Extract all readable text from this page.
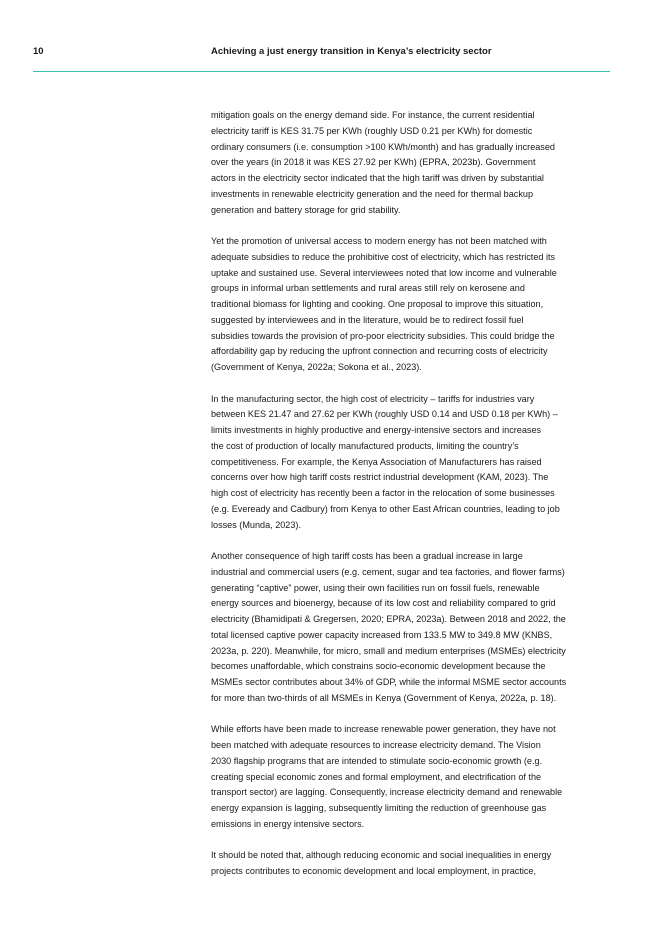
10	Achieving a just energy transition in Kenya’s electricity sector

mitigation goals on the energy demand side. For instance, the current residential
electricity tariff is KES 31.75 per KWh (roughly USD 0.21 per KWh) for domestic
ordinary consumers (i.e. consumption >100 KWh/month) and has gradually increased
over the years (in 2018 it was KES 27.92 per KWh) (EPRA, 2023b). Government
actors in the electricity sector indicated that the high tariff was driven by substantial
investments in renewable electricity generation and the need for thermal backup
generation and battery storage for grid stability.

Yet the promotion of universal access to modern energy has not been matched with
adequate subsidies to reduce the prohibitive cost of electricity, which has restricted its
uptake and sustained use. Several interviewees noted that low income and vulnerable
groups in informal urban settlements and rural areas still rely on kerosene and
traditional biomass for lighting and cooking. One proposal to improve this situation,
suggested by interviewees and in the literature, would be to redirect fossil fuel
subsidies towards the provision of pro-poor electricity subsidies. This could bridge the
affordability gap by reducing the upfront connection and recurring costs of electricity
(Government of Kenya, 2022a; Sokona et al., 2023).

In the manufacturing sector, the high cost of electricity – tariffs for industries vary
between KES 21.47 and 27.62 per KWh (roughly USD 0.14 and USD 0.18 per KWh) –
limits investments in highly productive and energy-intensive sectors and increases
the cost of production of locally manufactured products, limiting the country’s
competitiveness. For example, the Kenya Association of Manufacturers has raised
concerns over how high tariff costs restrict industrial development (KAM, 2023). The
high cost of electricity has recently been a factor in the relocation of some businesses
(e.g. Eveready and Cadbury) from Kenya to other East African countries, leading to job
losses (Munda, 2023).

Another consequence of high tariff costs has been a gradual increase in large
industrial and commercial users (e.g. cement, sugar and tea factories, and flower farms)
generating “captive” power, using their own facilities run on fossil fuels, renewable
energy sources and bioenergy, because of its low cost and reliability compared to grid
electricity (Bhamidipati & Gregersen, 2020; EPRA, 2023a). Between 2018 and 2022, the
total licensed captive power capacity increased from 133.5 MW to 349.8 MW (KNBS,
2023a, p. 220). Meanwhile, for micro, small and medium enterprises (MSMEs) electricity
becomes unaffordable, which constrains socio-economic development because the
MSMEs sector contributes about 34% of GDP, while the informal MSME sector accounts
for more than two-thirds of all MSMEs in Kenya (Government of Kenya, 2022a, p. 18).

While efforts have been made to increase renewable power generation, they have not
been matched with adequate resources to increase electricity demand. The Vision
2030 flagship programs that are intended to stimulate socio-economic growth (e.g.
creating special economic zones and formal employment, and electrification of the
transport sector) are lagging. Consequently, increase electricity demand and renewable
energy expansion is lagging, subsequently limiting the reduction of greenhouse gas
emissions in energy intensive sectors.

It should be noted that, although reducing economic and social inequalities in energy
projects contributes to economic development and local employment, in practice,
